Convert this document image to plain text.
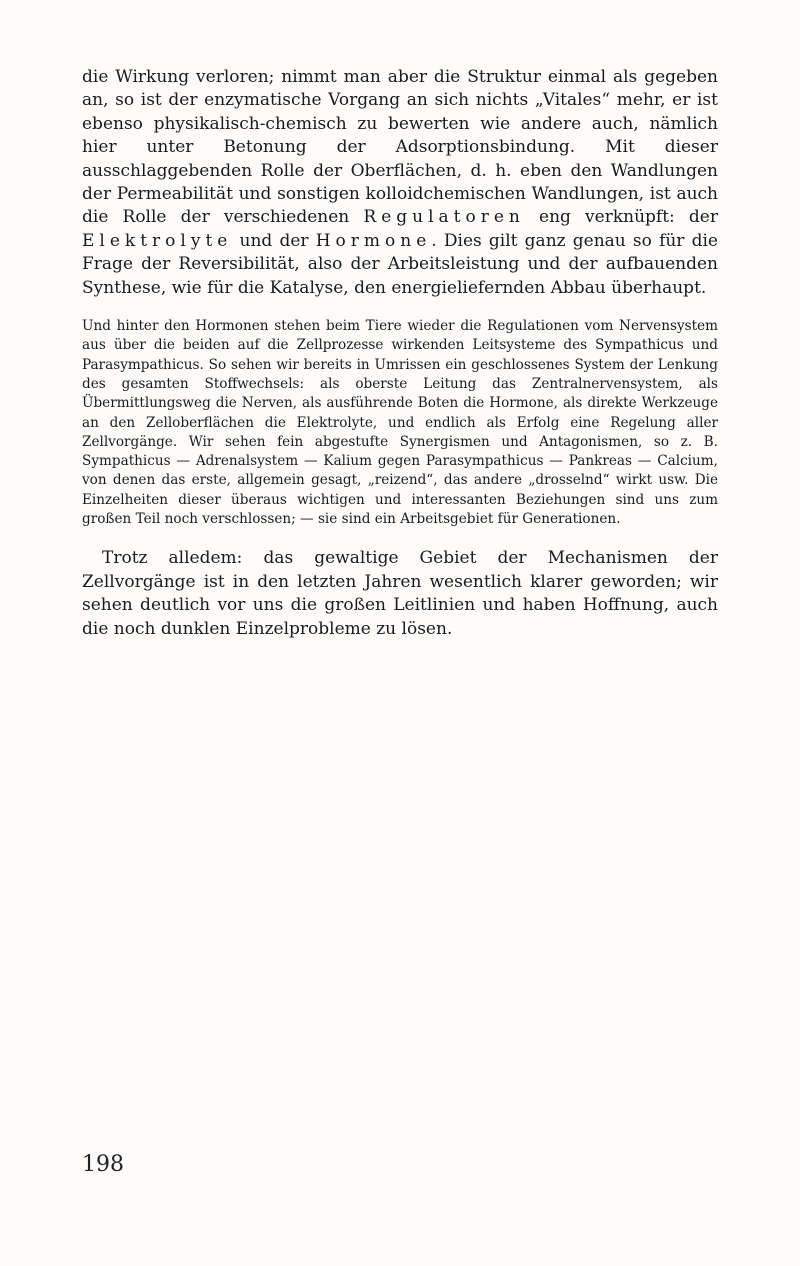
die Wirkung verloren; nimmt man aber die Struktur einmal als gegeben an, so ist der enzymatische Vorgang an sich nichts „Vitales“ mehr, er ist ebenso physikalisch-chemisch zu bewerten wie andere auch, nämlich hier unter Betonung der Adsorptionsbindung. Mit dieser ausschlaggebenden Rolle der Oberflächen, d. h. eben den Wandlungen der Permeabilität und sonstigen kolloidchemischen Wandlungen, ist auch die Rolle der verschiedenen Regulatoren eng verknüpft: der Elektrolyte und der Hormone. Dies gilt ganz genau so für die Frage der Reversibilität, also der Arbeitsleistung und der aufbauenden Synthese, wie für die Katalyse, den energieliefernden Abbau überhaupt.

Und hinter den Hormonen stehen beim Tiere wieder die Regulationen vom Nervensystem aus über die beiden auf die Zellprozesse wirkenden Leitsysteme des Sympathicus und Parasympathicus. So sehen wir bereits in Umrissen ein geschlossenes System der Lenkung des gesamten Stoffwechsels: als oberste Leitung das Zentralnervensystem, als Übermittlungsweg die Nerven, als ausführende Boten die Hormone, als direkte Werkzeuge an den Zelloberflächen die Elektrolyte, und endlich als Erfolg eine Regelung aller Zellvorgänge. Wir sehen fein abgestufte Synergismen und Antagonismen, so z. B. Sympathicus — Adrenalsystem — Kalium gegen Parasympathicus — Pankreas — Calcium, von denen das erste, allgemein gesagt, „reizend“, das andere „drosselnd“ wirkt usw. Die Einzelheiten dieser überaus wichtigen und interessanten Beziehungen sind uns zum großen Teil noch verschlossen; — sie sind ein Arbeitsgebiet für Generationen.

Trotz alledem: das gewaltige Gebiet der Mechanismen der Zellvorgänge ist in den letzten Jahren wesentlich klarer geworden; wir sehen deutlich vor uns die großen Leitlinien und haben Hoffnung, auch die noch dunklen Einzelprobleme zu lösen.

198
